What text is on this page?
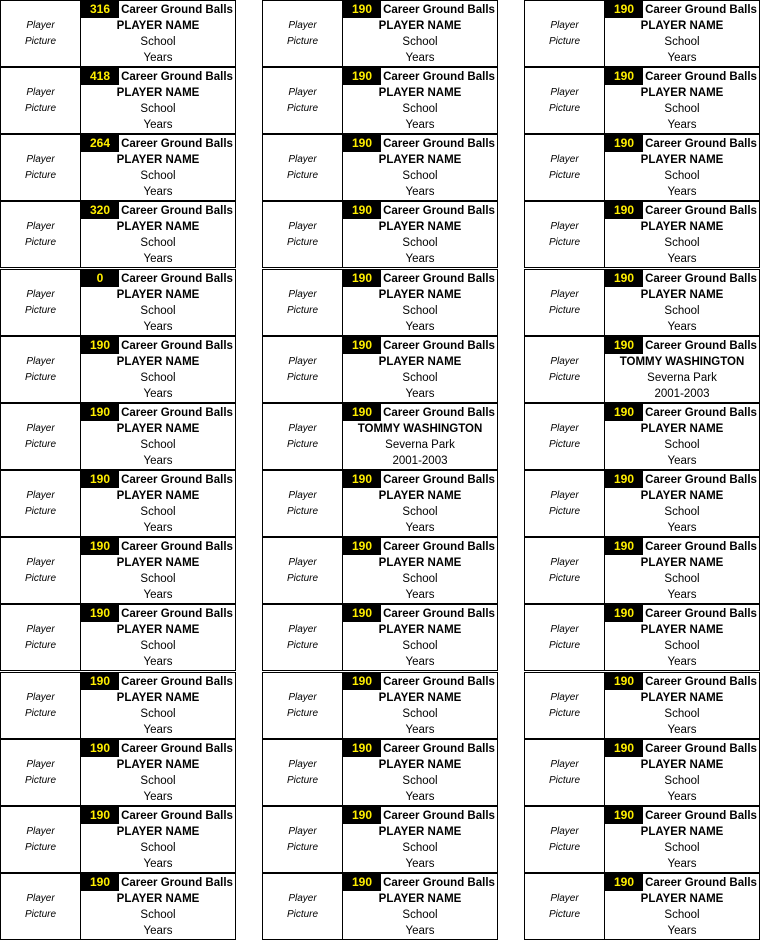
Player
Picture
316 Career Ground Balls
PLAYER NAME
School
Years
Player
Picture
418 Career Ground Balls
PLAYER NAME
School
Years
Player
Picture
264 Career Ground Balls
PLAYER NAME
School
Years
Player
Picture
320 Career Ground Balls
PLAYER NAME
School
Years
Player
Picture
0	Career Ground Balls
PLAYER NAME
School
Years
Player
Picture
190 Career Ground Balls
PLAYER NAME
School
Years
Player
Picture
190 Career Ground Balls
PLAYER NAME
School
Years
Player
Picture
190 Career Ground Balls
PLAYER NAME
School
Years
Player
Picture
190 Career Ground Balls
PLAYER NAME
School
Years
Player
Picture
190 Career Ground Balls
PLAYER NAME
School
Years
Player
Picture
190 Career Ground Balls
PLAYER NAME
School
Years
Player
Picture
190 Career Ground Balls
PLAYER NAME
School
Years
Player
Picture
190 Career Ground Balls
PLAYER NAME
School
Years
Player
Picture
190 Career Ground Balls
PLAYER NAME
School
Years
Player
Picture
190 Career Ground Balls
PLAYER NAME
School
Years
Player
Picture
190 Career Ground Balls
PLAYER NAME
School
Years
Player
Picture
190 Career Ground Balls
PLAYER NAME
School
Years
Player
Picture
190 Career Ground Balls
PLAYER NAME
School
Years
Player
Picture
190 Career Ground Balls
PLAYER NAME
School
Years
Player
Picture
190 Career Ground Balls
PLAYER NAME
School
Years
Player
Picture
190 Career Ground Balls
TOMMY WASHINGTON
Severna Park
2001-2003
Player
Picture
190 Career Ground Balls
PLAYER NAME
School
Years
Player
Picture
190 Career Ground Balls
PLAYER NAME
School
Years
Player
Picture
190 Career Ground Balls
PLAYER NAME
School
Years
Player
Picture
190 Career Ground Balls
PLAYER NAME
School
Years
Player
Picture
190 Career Ground Balls
PLAYER NAME
School
Years
Player
Picture
190 Career Ground Balls
PLAYER NAME
School
Years
Player
Picture
190 Career Ground Balls
PLAYER NAME
School
Years
Player
Picture
190 Career Ground Balls
PLAYER NAME
School
Years
Player
Picture
190 Career Ground Balls
PLAYER NAME
School
Years
Player
Picture
190 Career Ground Balls
PLAYER NAME
School
Years
Player
Picture
190 Career Ground Balls
PLAYER NAME
School
Years
Player
Picture
190 Career Ground Balls
PLAYER NAME
School
Years
Player
Picture
190 Career Ground Balls
TOMMY WASHINGTON
Severna Park
2001-2003
Player
Picture
190 Career Ground Balls
PLAYER NAME
School
Years
Player
Picture
190 Career Ground Balls
PLAYER NAME
School
Years
Player
Picture
190 Career Ground Balls
PLAYER NAME
School
Years
Player
Picture
190 Career Ground Balls
PLAYER NAME
School
Years
Player
Picture
190 Career Ground Balls
PLAYER NAME
School
Years
Player
Picture
190 Career Ground Balls
PLAYER NAME
School
Years
Player
Picture
190 Career Ground Balls
PLAYER NAME
School
Years
Player
Picture
190 Career Ground Balls
PLAYER NAME
School
Years
